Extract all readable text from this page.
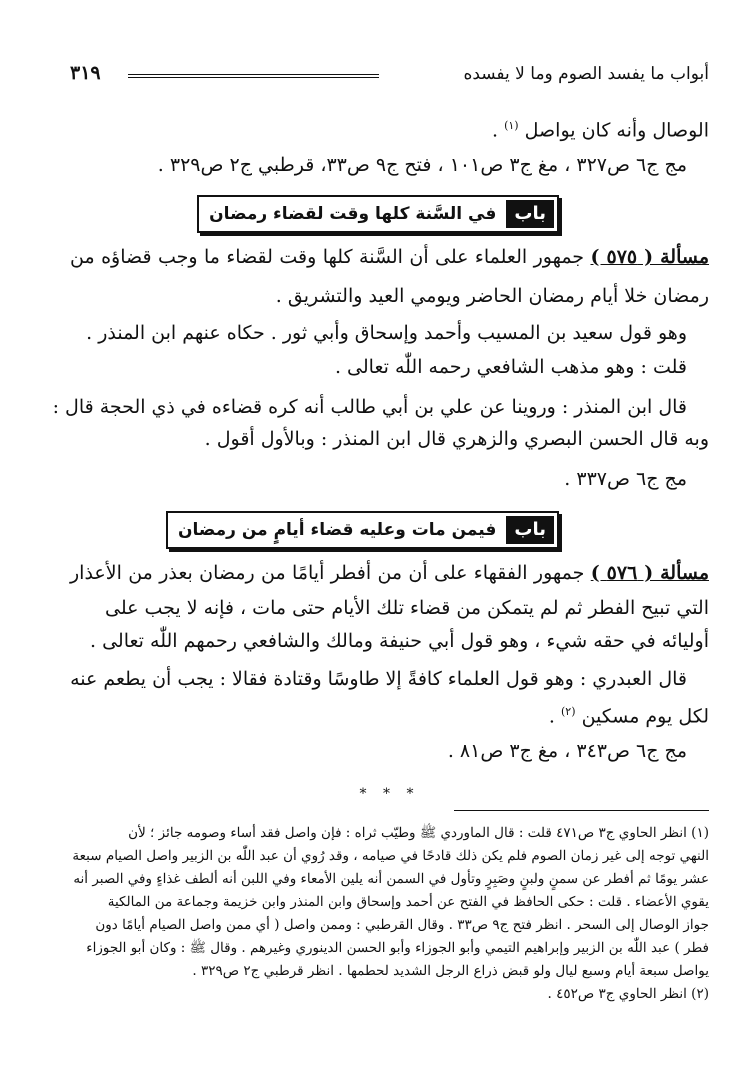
أبواب ما يفسد الصوم وما لا يفسده
٣١٩
الوصال وأنه كان يواصل $^{(١)}$ .
مج ج٦ ص٣٢٧ ، مغ ج٣ ص١٠١ ، فتح ج٩ ص٣٣، قرطبي ج٢ ص٣٢٩ .
باب
في السَّنة كلها وقت لقضاء رمضان
مسألة ( ٥٧٥ ) جمهور العلماء على أن السَّنة كلها وقت لقضاء ما وجب قضاؤه من
رمضان خلا أيام رمضان الحاضر ويومي العيد والتشريق .
وهو قول سعيد بن المسيب وأحمد وإسحاق وأبي ثور . حكاه عنهم ابن المنذر .
قلت : وهو مذهب الشافعي رحمه اللّٰه تعالى .
قال ابن المنذر : وروينا عن علي بن أبي طالب أنه كره قضاءه في ذي الحجة قال :
وبه قال الحسن البصري والزهري قال ابن المنذر : وبالأول أقول .
مج ج٦ ص٣٣٧ .
باب
فيمن مات وعليه قضاء أيامٍ من رمضان
مسألة ( ٥٧٦ ) جمهور الفقهاء على أن من أفطر أيامًا من رمضان بعذر من الأعذار
التي تبيح الفطر ثم لم يتمكن من قضاء تلك الأيام حتى مات ، فإنه لا يجب على
أوليائه في حقه شيء ، وهو قول أبي حنيفة ومالك والشافعي رحمهم اللّٰه تعالى .
قال العبدري : وهو قول العلماء كافةً إلا طاوسًا وقتادة فقالا : يجب أن يطعم عنه
لكل يوم مسكين $^{(٢)}$ .
مج ج٦ ص٣٤٣ ، مغ ج٣ ص٨١ .
* * *
(١) انظر الحاوي ج٣ ص٤٧١ قلت : قال الماوردي ﷺ وطيّب ثراه : فإن واصل فقد أساء وصومه جائز ؛ لأن
النهي توجه إلى غير زمان الصوم فلم يكن ذلك قادحًا في صيامه ، وقد رُوي أن عبد اللّٰه بن الزبير واصل الصيام سبعة
عشر يومًا ثم أفطر عن سمنٍ ولبنٍ وصَبِرٍ وتأول في السمن أنه يلين الأمعاء وفي اللبن أنه ألطف غذاءٍ وفي الصبر أنه
يقوي الأعضاء . قلت : حكى الحافظ في الفتح عن أحمد وإسحاق وابن المنذر وابن خزيمة وجماعة من المالكية
جواز الوصال إلى السحر . انظر فتح ج٩ ص٣٣ . وقال القرطبي : وممن واصل ( أي ممن واصل الصيام أيامًا دون
فطر ) عبد اللّٰه بن الزبير وإبراهيم التيمي وأبو الجوزاء وأبو الحسن الدينوري وغيرهم . وقال ﷺ : وكان أبو الجوزاء
يواصل سبعة أيام وسبع ليال ولو قبض ذراع الرجل الشديد لحطمها . انظر قرطبي ج٢ ص٣٢٩ .
(٢) انظر الحاوي ج٣ ص٤٥٢ .
